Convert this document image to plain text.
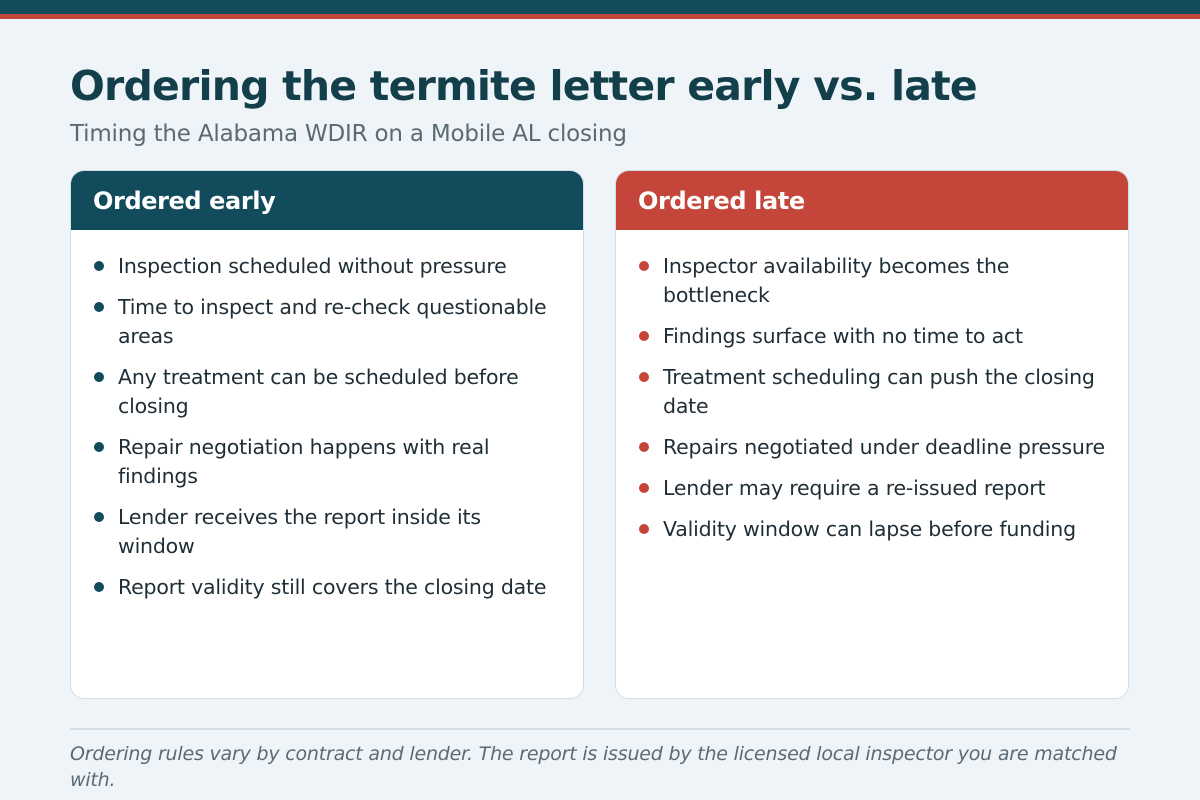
Ordering the termite letter early vs. late

Timing the Alabama WDIR on a Mobile AL closing

Ordered early
Inspection scheduled without pressure
Time to inspect and re-check questionable areas
Any treatment can be scheduled before closing
Repair negotiation happens with real findings
Lender receives the report inside its window
Report validity still covers the closing date
Ordered late
Inspector availability becomes the bottleneck
Findings surface with no time to act
Treatment scheduling can push the closing date
Repairs negotiated under deadline pressure
Lender may require a re-issued report
Validity window can lapse before funding

Ordering rules vary by contract and lender. The report is issued by the licensed local inspector you are matched with.
